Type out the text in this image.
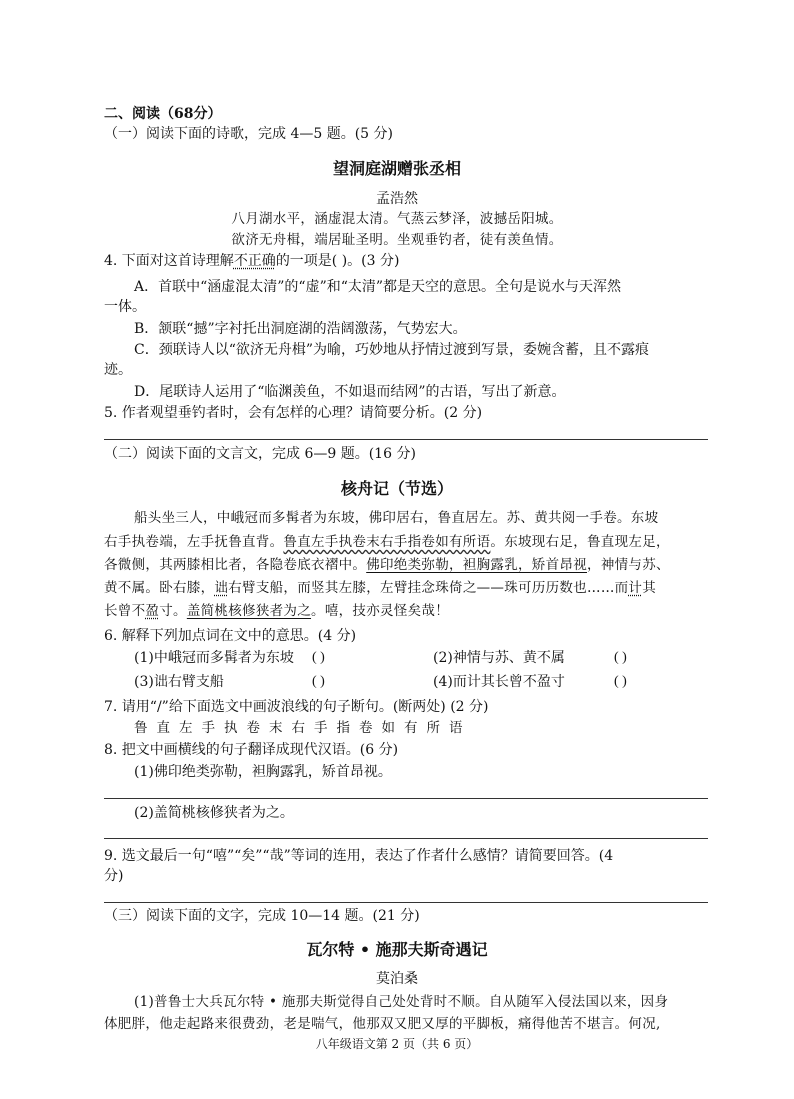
二、阅读（68分）
（一）阅读下面的诗歌，完成 4—5 题。(5 分)
望洞庭湖赠张丞相
孟浩然
八月湖水平，涵虚混太清。气蒸云梦泽，波撼岳阳城。
欲济无舟楫，端居耻圣明。坐观垂钓者，徒有羡鱼情。
4. 下面对这首诗理解不正确的一项是( )。(3 分)
A．首联中“涵虚混太清”的“虚”和“太清”都是天空的意思。全句是说水与天浑然
一体。
B．颔联“撼”字衬托出洞庭湖的浩阔激荡，气势宏大。
C．颈联诗人以“欲济无舟楫”为喻，巧妙地从抒情过渡到写景，委婉含蓄，且不露痕
迹。
D．尾联诗人运用了“临渊羡鱼，不如退而结网”的古语，写出了新意。
5. 作者观望垂钓者时，会有怎样的心理？请简要分析。(2 分)
（二）阅读下面的文言文，完成 6—9 题。(16 分)
核舟记（节选）
船头坐三人，中峨冠而多髯者为东坡，佛印居右，鲁直居左。苏、黄共阅一手卷。东坡
右手执卷端，左手抚鲁直背。鲁直左手执卷末右手指卷如有所语。东坡现右足，鲁直现左足，
各微侧，其两膝相比者，各隐卷底衣褶中。佛印绝类弥勒，袒胸露乳，矫首昂视，神情与苏、
黄不属。卧右膝，诎右臂支船，而竖其左膝，左臂挂念珠倚之——珠可历历数也……而计其
长曾不盈寸。盖简桃核修狭者为之。嘻，技亦灵怪矣哉！
6. 解释下列加点词在文中的意思。(4 分)
(1)中峨冠而多髯者为东坡 ( )	(2)神情与苏、黄不属	( )
(3)诎右臂支船	( )	(4)而计其长曾不盈寸	( )
7. 请用“/”给下面选文中画波浪线的句子断句。(断两处) (2 分)
鲁直左手执卷末右手指卷如有所语
8. 把文中画横线的句子翻译成现代汉语。(6 分)
(1)佛印绝类弥勒，袒胸露乳，矫首昂视。
(2)盖简桃核修狭者为之。
9. 选文最后一句“嘻”“矣”“哉”等词的连用，表达了作者什么感情？请简要回答。(4
分)
（三）阅读下面的文字，完成 10—14 题。(21 分)
瓦尔特 • 施那夫斯奇遇记
莫泊桑
(1)普鲁士大兵瓦尔特 • 施那夫斯觉得自己处处背时不顺。自从随军入侵法国以来，因身
体肥胖，他走起路来很费劲，老是喘气，他那双又肥又厚的平脚板，痛得他苦不堪言。何况,
八年级语文第 2 页（共 6 页）
